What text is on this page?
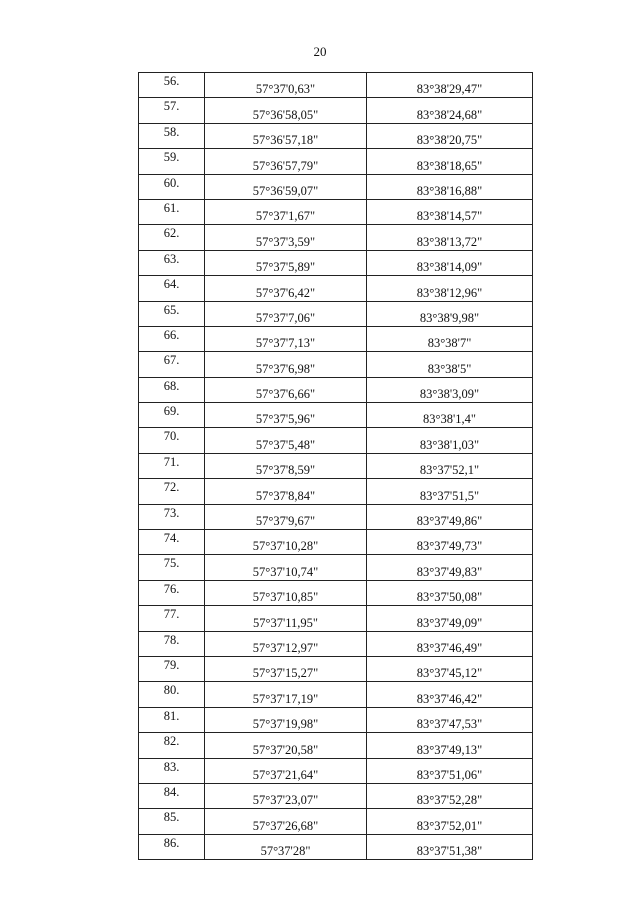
20
56.	57°37'0,63"	83°38'29,47"
57.	57°36'58,05"	83°38'24,68"
58.	57°36'57,18"	83°38'20,75"
59.	57°36'57,79"	83°38'18,65"
60.	57°36'59,07"	83°38'16,88"
61.	57°37'1,67"	83°38'14,57"
62.	57°37'3,59"	83°38'13,72"
63.	57°37'5,89"	83°38'14,09"
64.	57°37'6,42"	83°38'12,96"
65.	57°37'7,06"	83°38'9,98"
66.	57°37'7,13"	83°38'7"
67.	57°37'6,98"	83°38'5"
68.	57°37'6,66"	83°38'3,09"
69.	57°37'5,96"	83°38'1,4"
70.	57°37'5,48"	83°38'1,03"
71.	57°37'8,59"	83°37'52,1"
72.	57°37'8,84"	83°37'51,5"
73.	57°37'9,67"	83°37'49,86"
74.	57°37'10,28"	83°37'49,73"
75.	57°37'10,74"	83°37'49,83"
76.	57°37'10,85"	83°37'50,08"
77.	57°37'11,95"	83°37'49,09"
78.	57°37'12,97"	83°37'46,49"
79.	57°37'15,27"	83°37'45,12"
80.	57°37'17,19"	83°37'46,42"
81.	57°37'19,98"	83°37'47,53"
82.	57°37'20,58"	83°37'49,13"
83.	57°37'21,64"	83°37'51,06"
84.	57°37'23,07"	83°37'52,28"
85.	57°37'26,68"	83°37'52,01"
86.	57°37'28"	83°37'51,38"
